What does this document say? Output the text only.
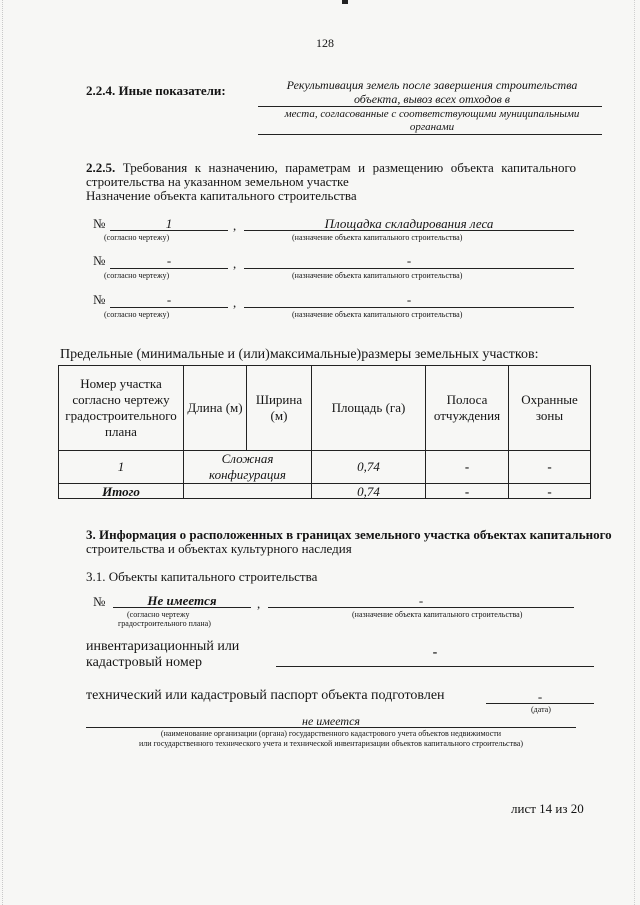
128
2.2.4. Иные показатели:	Рекультивация земель после завершения строительства
объекта, вывоз всех отходов в
места, согласованные с соответствующими муниципальными
органами
2.2.5. Требования к назначению, параметрам и размещению объекта капитального
строительства на указанном земельном участке
Назначение объекта капитального строительства
№	1	,	Площадка складирования леса
(согласно чертежу)	(назначение объекта капитального строительства)
№	-	,	-
(согласно чертежу)	(назначение объекта капитального строительства)
№	-	,	-
(согласно чертежу)	(назначение объекта капитального строительства)
Предельные (минимальные и (или)максимальные)размеры земельных участков:
Номер участка согласно чертежу градостроительного плана	Длина (м)	Ширина (м)	Площадь (га)	Полоса отчуждения	Охранные зоны
1	Сложная конфигурация		0,74	-	-
Итого			0,74	-	-
3. Информация о расположенных в границах земельного участка объектах капитального
строительства и объектах культурного наследия
3.1. Объекты капитального строительства
№	Не имеется	,	-
(согласно чертежу
градостроительного плана)
(назначение объекта капитального строительства)
инвентаризационный или
кадастровый номер
-
технический или кадастровый паспорт объекта подготовлен	-
(дата)
не имеется
(наименование организации (органа) государственного кадастрового учета объектов недвижимости
или государственного технического учета и технической инвентаризации объектов капитального строительства)
лист 14 из 20
